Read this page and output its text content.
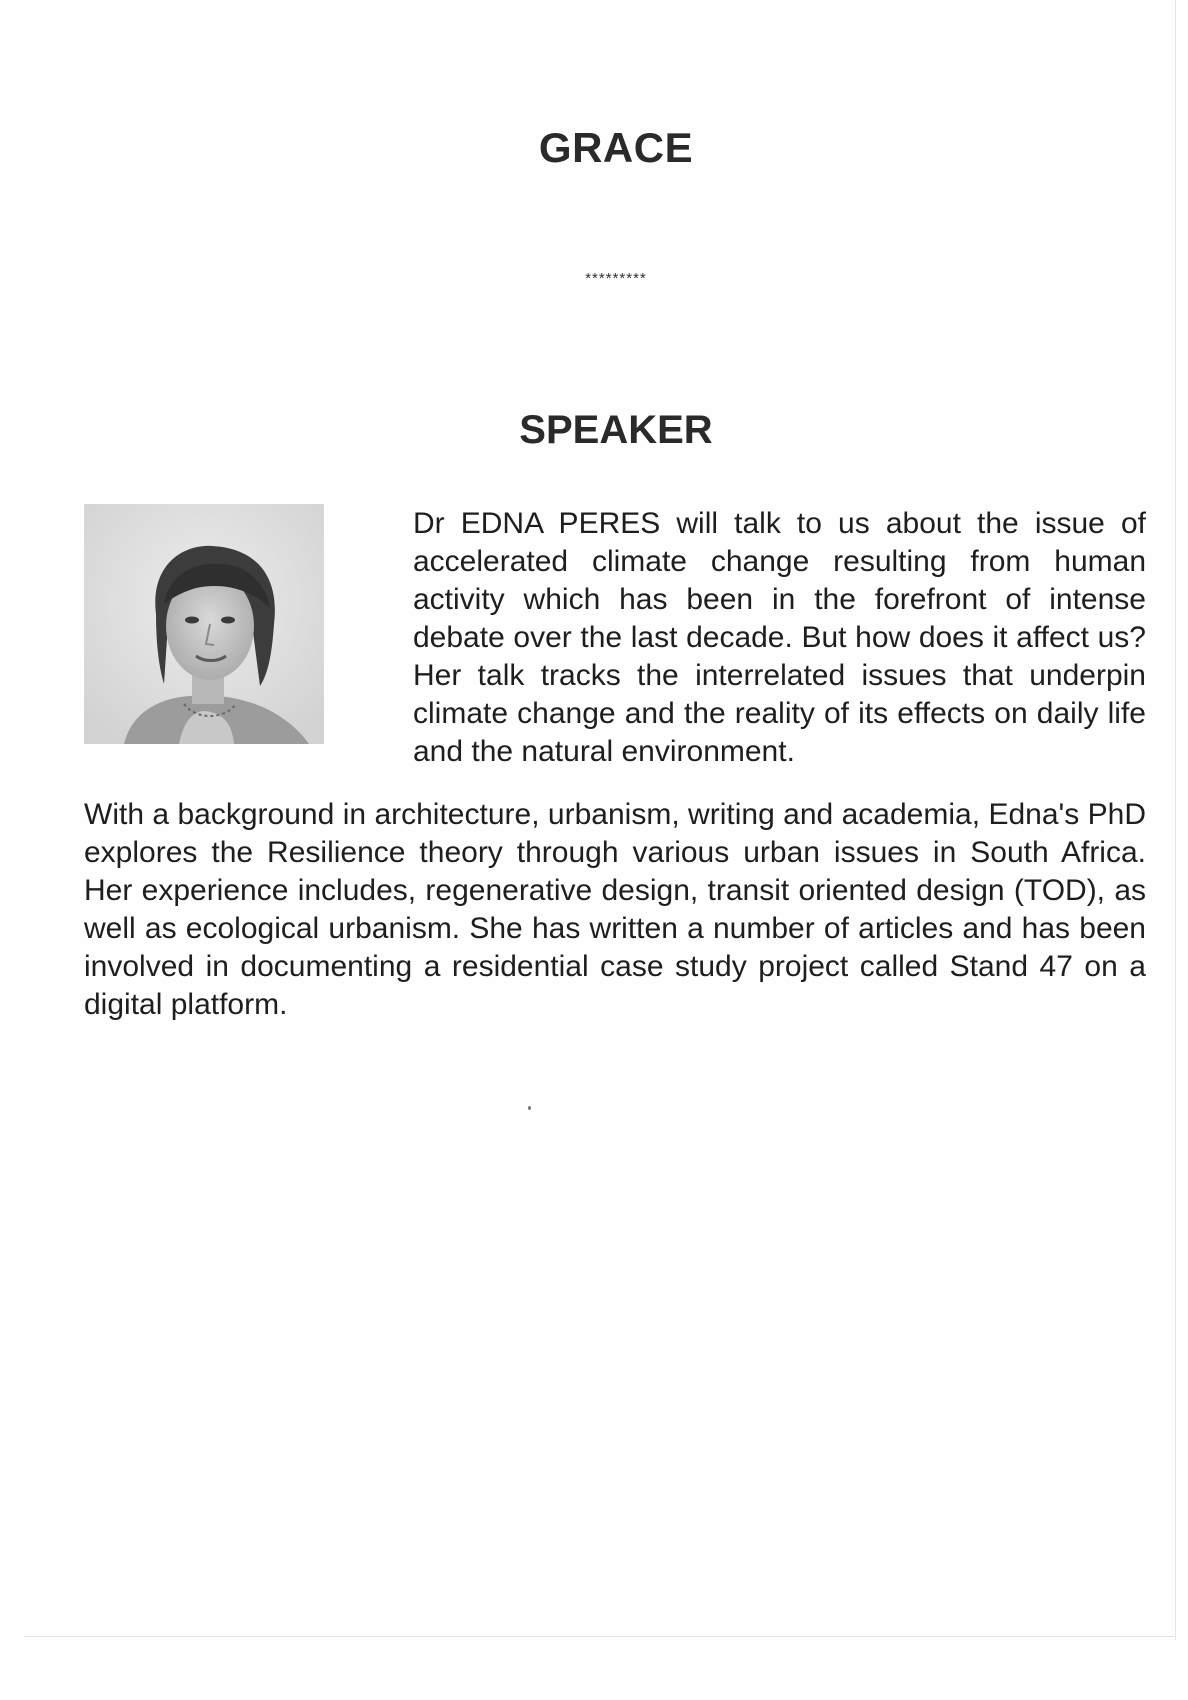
GRACE
*********
SPEAKER

Dr EDNA PERES will talk to us about the issue of accelerated climate change resulting from human activity which has been in the forefront of intense debate over the last decade. But how does it affect us? Her talk tracks the interrelated issues that underpin climate change and the reality of its effects on daily life and the natural environment.

With a background in architecture, urbanism, writing and academia, Edna's PhD explores the Resilience theory through various urban issues in South Africa. Her experience includes, regenerative design, transit oriented design (TOD), as well as ecological urbanism. She has written a number of articles and has been involved in documenting a residential case study project called Stand 47 on a digital platform.
